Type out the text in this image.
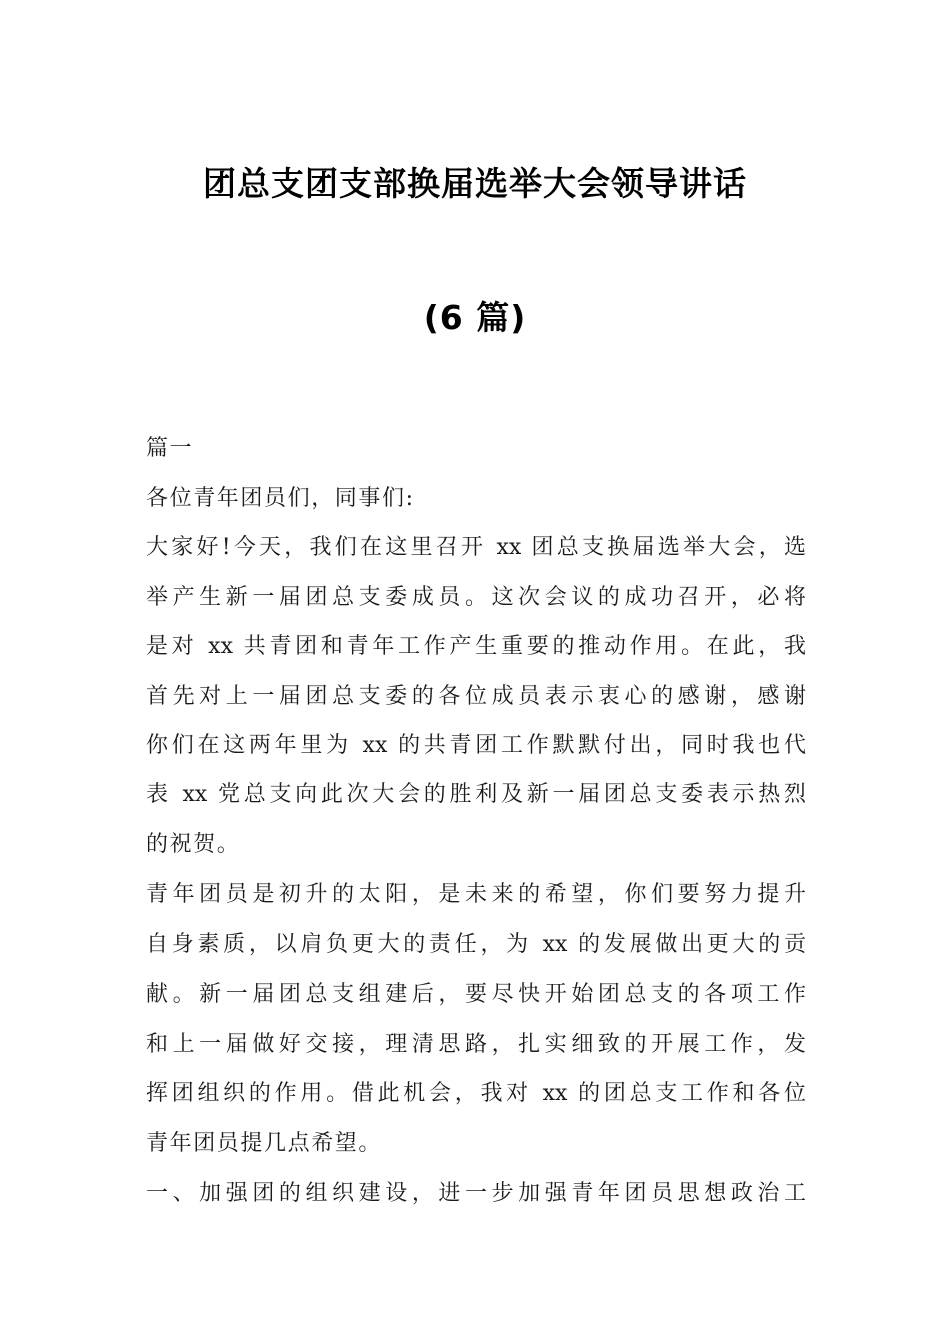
团总支团支部换届选举大会领导讲话
(6 篇)
篇一
各位青年团员们，同事们:
大家好!今天，我们在这里召开 xx 团总支换届选举大会，选
举产生新一届团总支委成员。这次会议的成功召开，必将
是对 xx 共青团和青年工作产生重要的推动作用。在此，我
首先对上一届团总支委的各位成员表示衷心的感谢，感谢
你们在这两年里为 xx 的共青团工作默默付出，同时我也代
表 xx 党总支向此次大会的胜利及新一届团总支委表示热烈
的祝贺。
青年团员是初升的太阳，是未来的希望，你们要努力提升
自身素质，以肩负更大的责任，为 xx 的发展做出更大的贡
献。新一届团总支组建后，要尽快开始团总支的各项工作
和上一届做好交接，理清思路，扎实细致的开展工作，发
挥团组织的作用。借此机会，我对 xx 的团总支工作和各位
青年团员提几点希望。
一、加强团的组织建设，进一步加强青年团员思想政治工
